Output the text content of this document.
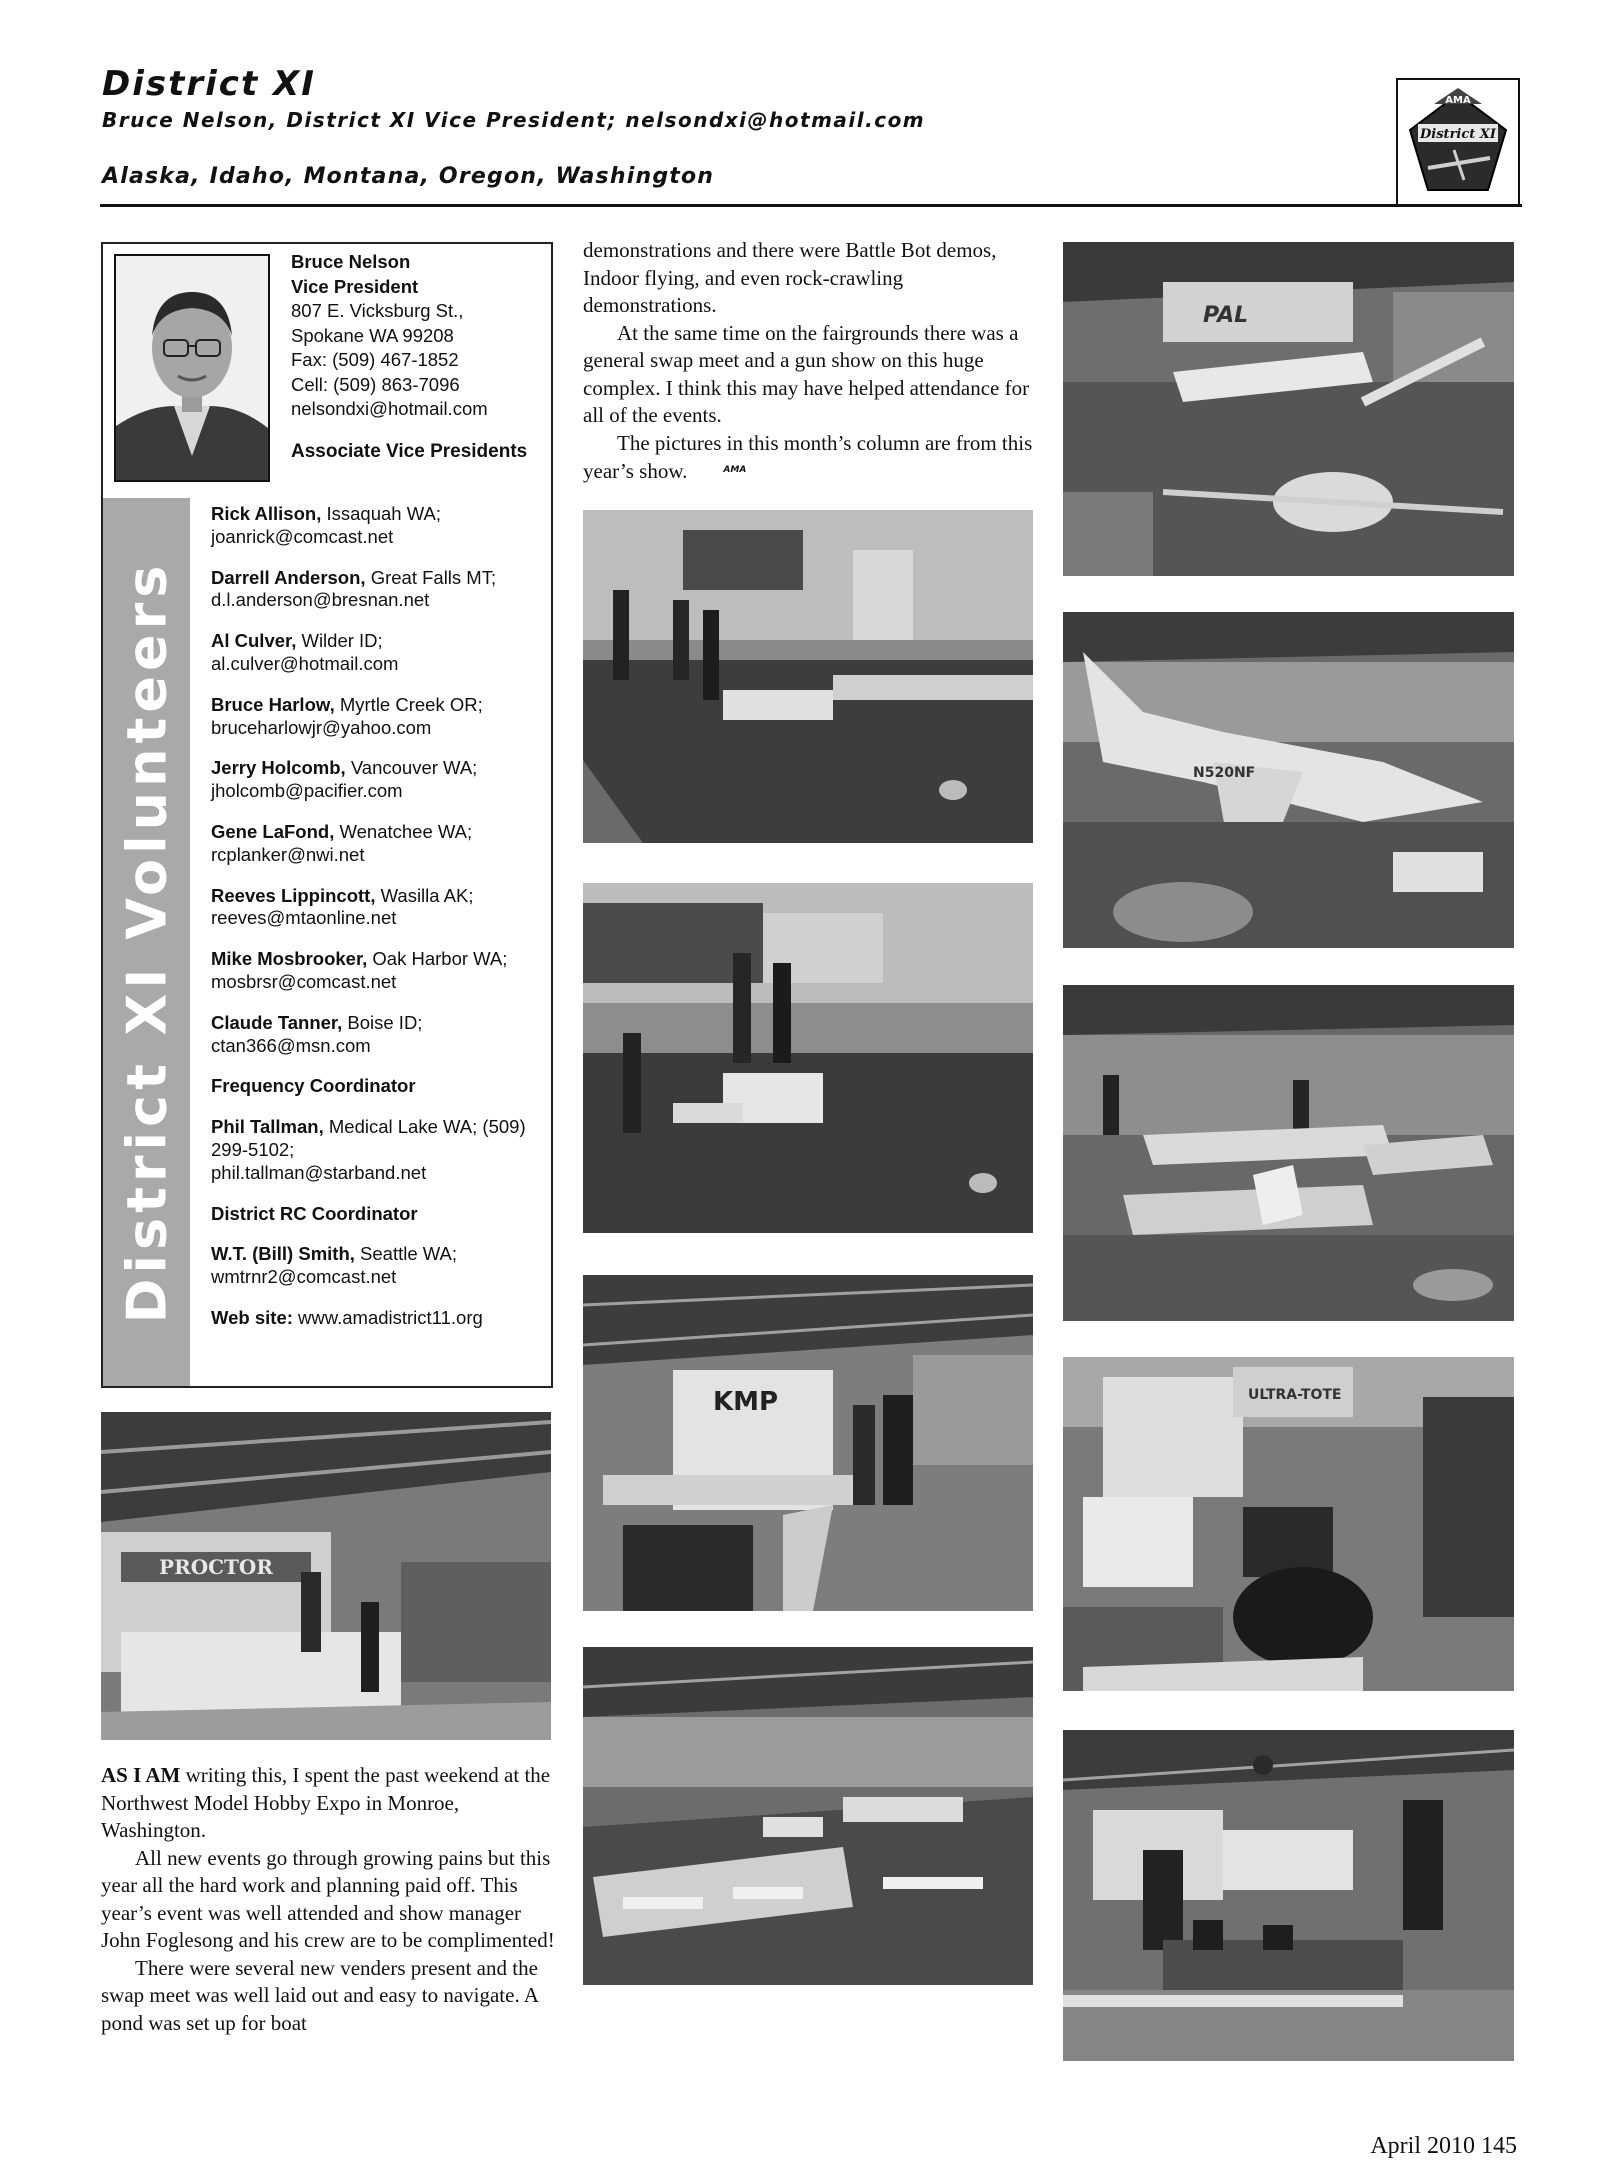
District XI
Bruce Nelson, District XI Vice President; nelsondxi@hotmail.com
Alaska, Idaho, Montana, Oregon, Washington
AMA
District XI
District XI Volunteers
Bruce Nelson
Vice President
807 E. Vicksburg St.,
Spokane WA 99208
Fax: (509) 467-1852
Cell: (509) 863-7096
nelsondxi@hotmail.com
Associate Vice Presidents
Rick Allison, Issaquah WA;
joanrick@comcast.net
Darrell Anderson, Great Falls MT;
d.l.anderson@bresnan.net
Al Culver, Wilder ID;
al.culver@hotmail.com
Bruce Harlow, Myrtle Creek OR;
bruceharlowjr@yahoo.com
Jerry Holcomb, Vancouver WA;
jholcomb@pacifier.com
Gene LaFond, Wenatchee WA;
rcplanker@nwi.net
Reeves Lippincott, Wasilla AK;
reeves@mtaonline.net
Mike Mosbrooker, Oak Harbor WA; mosbrsr@comcast.net
Claude Tanner, Boise ID;
ctan366@msn.com
Frequency Coordinator
Phil Tallman, Medical Lake WA; (509) 299-5102;
phil.tallman@starband.net
District RC Coordinator
W.T. (Bill) Smith, Seattle WA;
wmtrnr2@comcast.net
Web site: www.amadistrict11.org
AS I AM writing this, I spent the past weekend at the Northwest Model Hobby Expo in Monroe, Washington.
All new events go through growing pains but this year all the hard work and planning paid off. This year’s event was well attended and show manager John Foglesong and his crew are to be complimented!
There were several new venders present and the swap meet was well laid out and easy to navigate. A pond was set up for boat
demonstrations and there were Battle Bot demos, Indoor flying, and even rock-crawling demonstrations.
At the same time on the fairgrounds there was a general swap meet and a gun show on this huge complex. I think this may have helped attendance for all of the events.
The pictures in this month’s column are from this year’s show.	AMA
PROCTOR
KMP
PAL
N520NF
ULTRA-TOTE
April 2010 145
